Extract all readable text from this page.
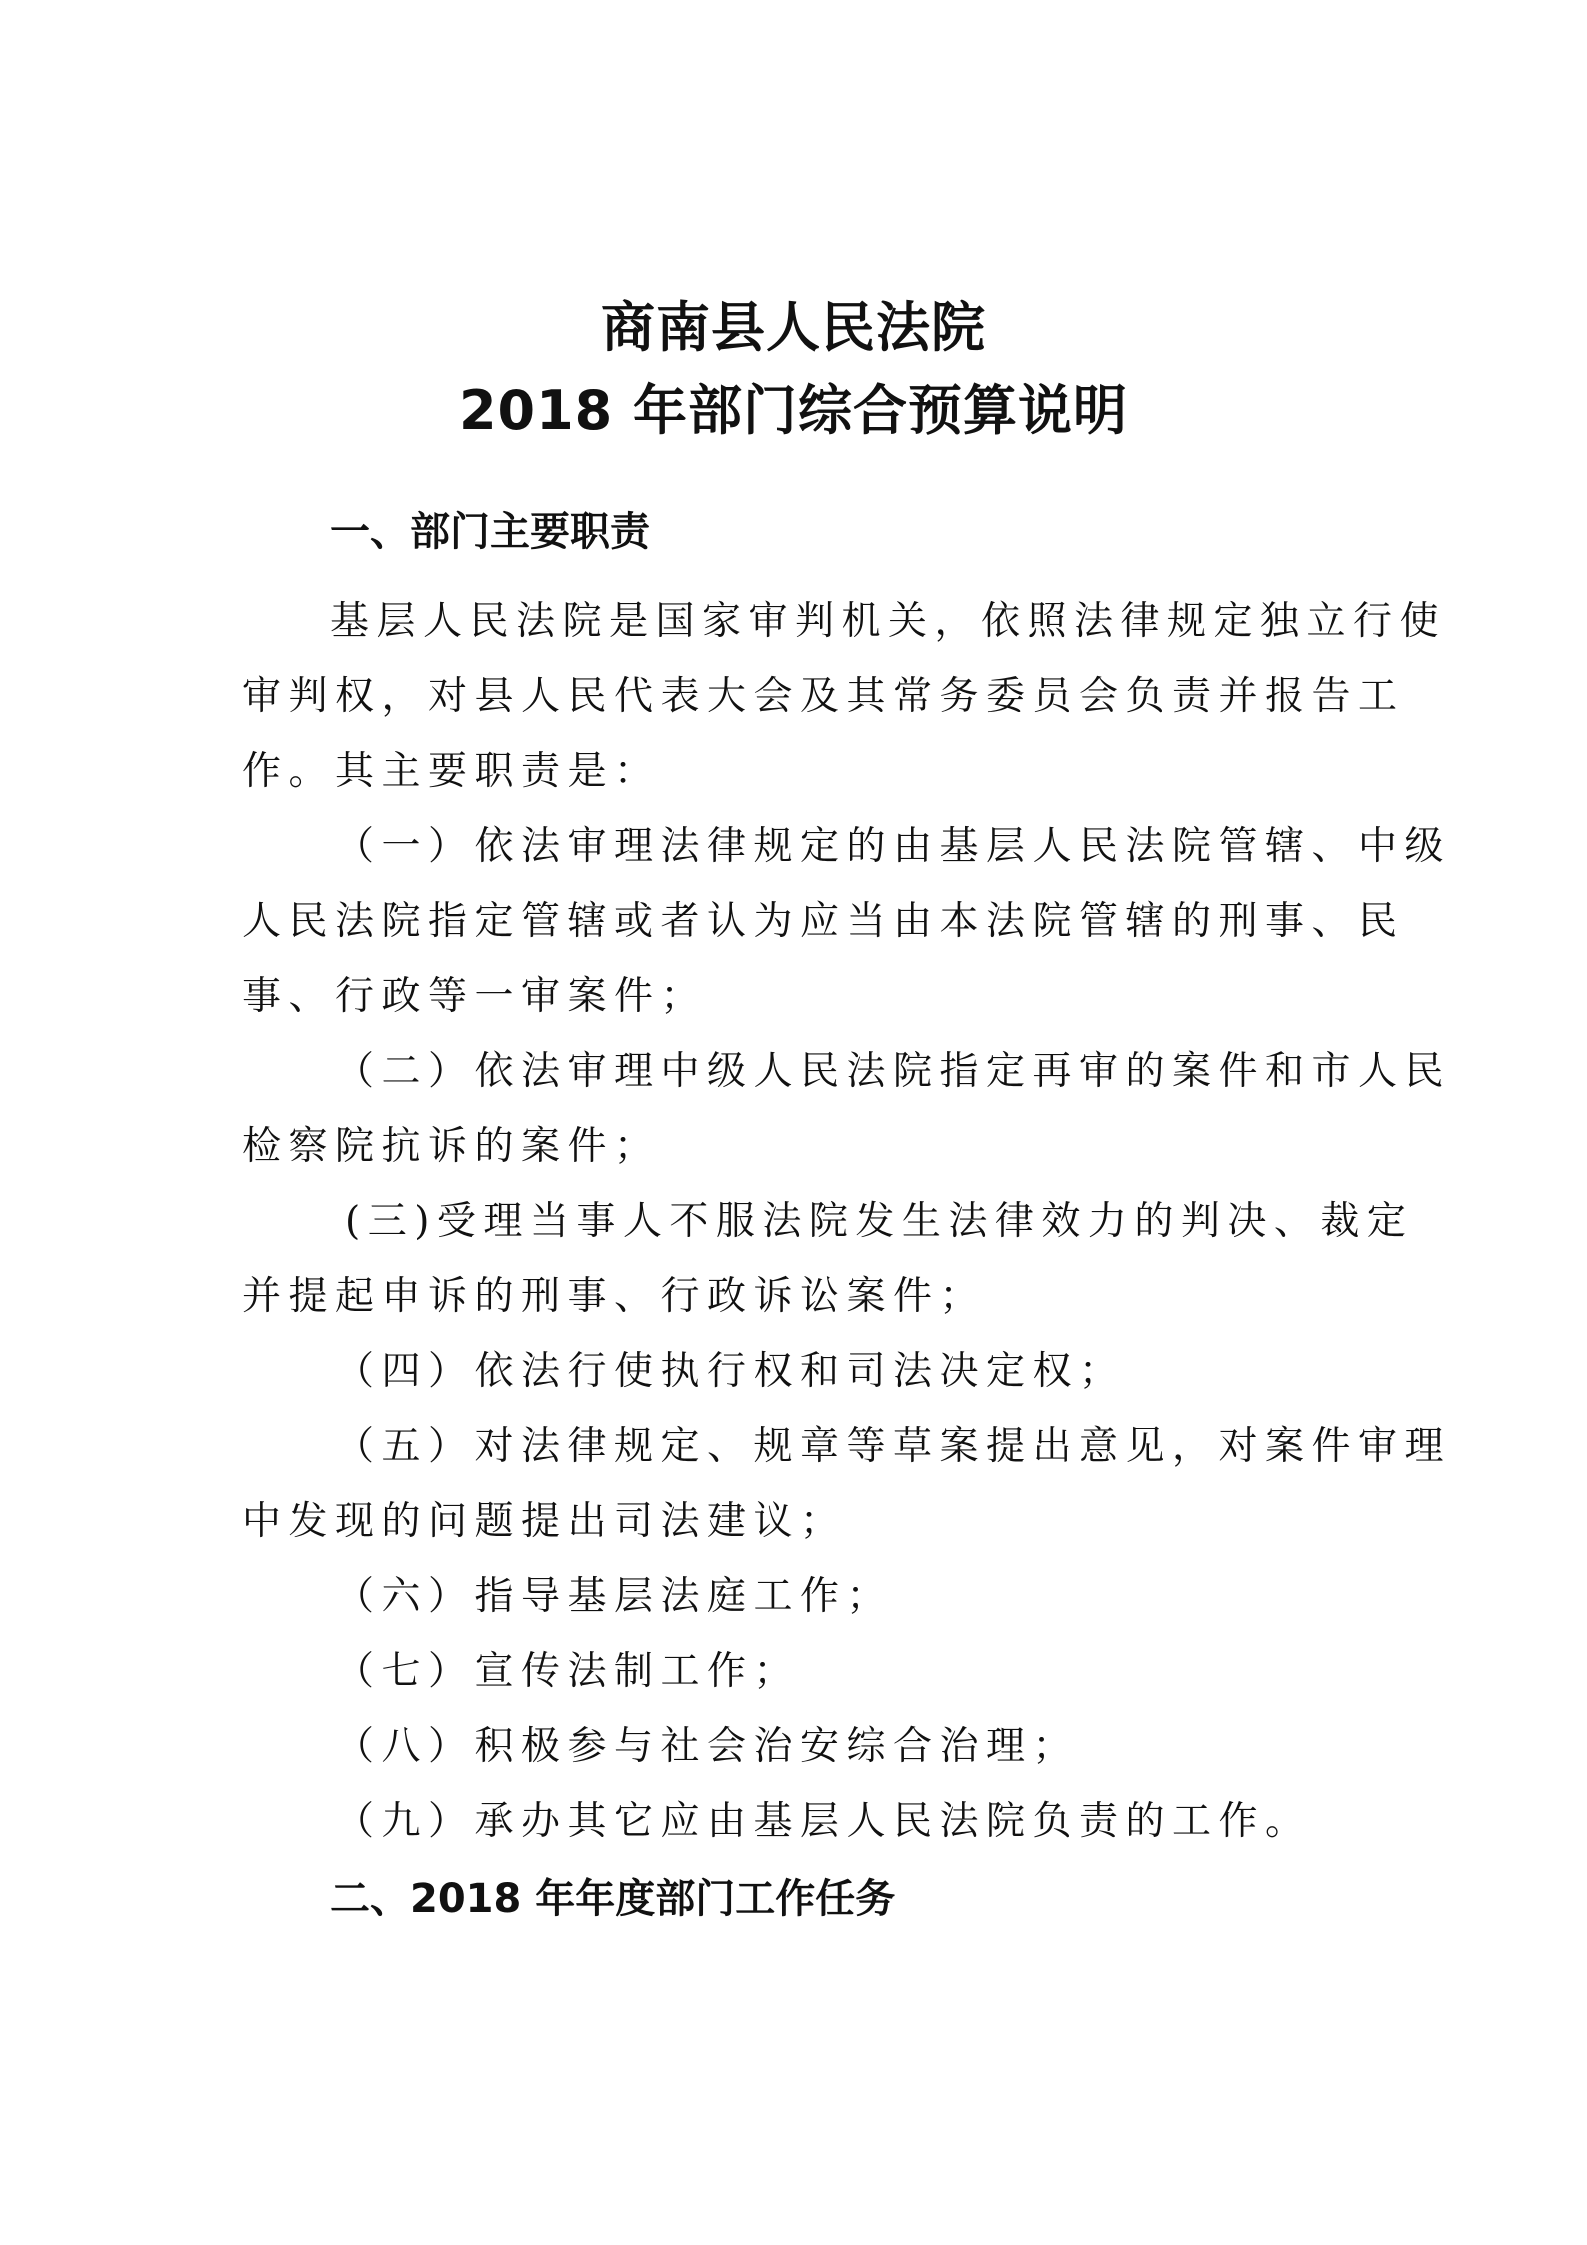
商南县人民法院
2018 年部门综合预算说明
一、部门主要职责
基层人民法院是国家审判机关，依照法律规定独立行使
审判权，对县人民代表大会及其常务委员会负责并报告工
作。其主要职责是：
（一）依法审理法律规定的由基层人民法院管辖、中级
人民法院指定管辖或者认为应当由本法院管辖的刑事、民
事、行政等一审案件；
（二）依法审理中级人民法院指定再审的案件和市人民
检察院抗诉的案件；
(三)受理当事人不服法院发生法律效力的判决、裁定
并提起申诉的刑事、行政诉讼案件；
（四）依法行使执行权和司法决定权；
（五）对法律规定、规章等草案提出意见，对案件审理
中发现的问题提出司法建议；
（六）指导基层法庭工作；
（七）宣传法制工作；
（八）积极参与社会治安综合治理；
（九）承办其它应由基层人民法院负责的工作。
二、2018 年年度部门工作任务
